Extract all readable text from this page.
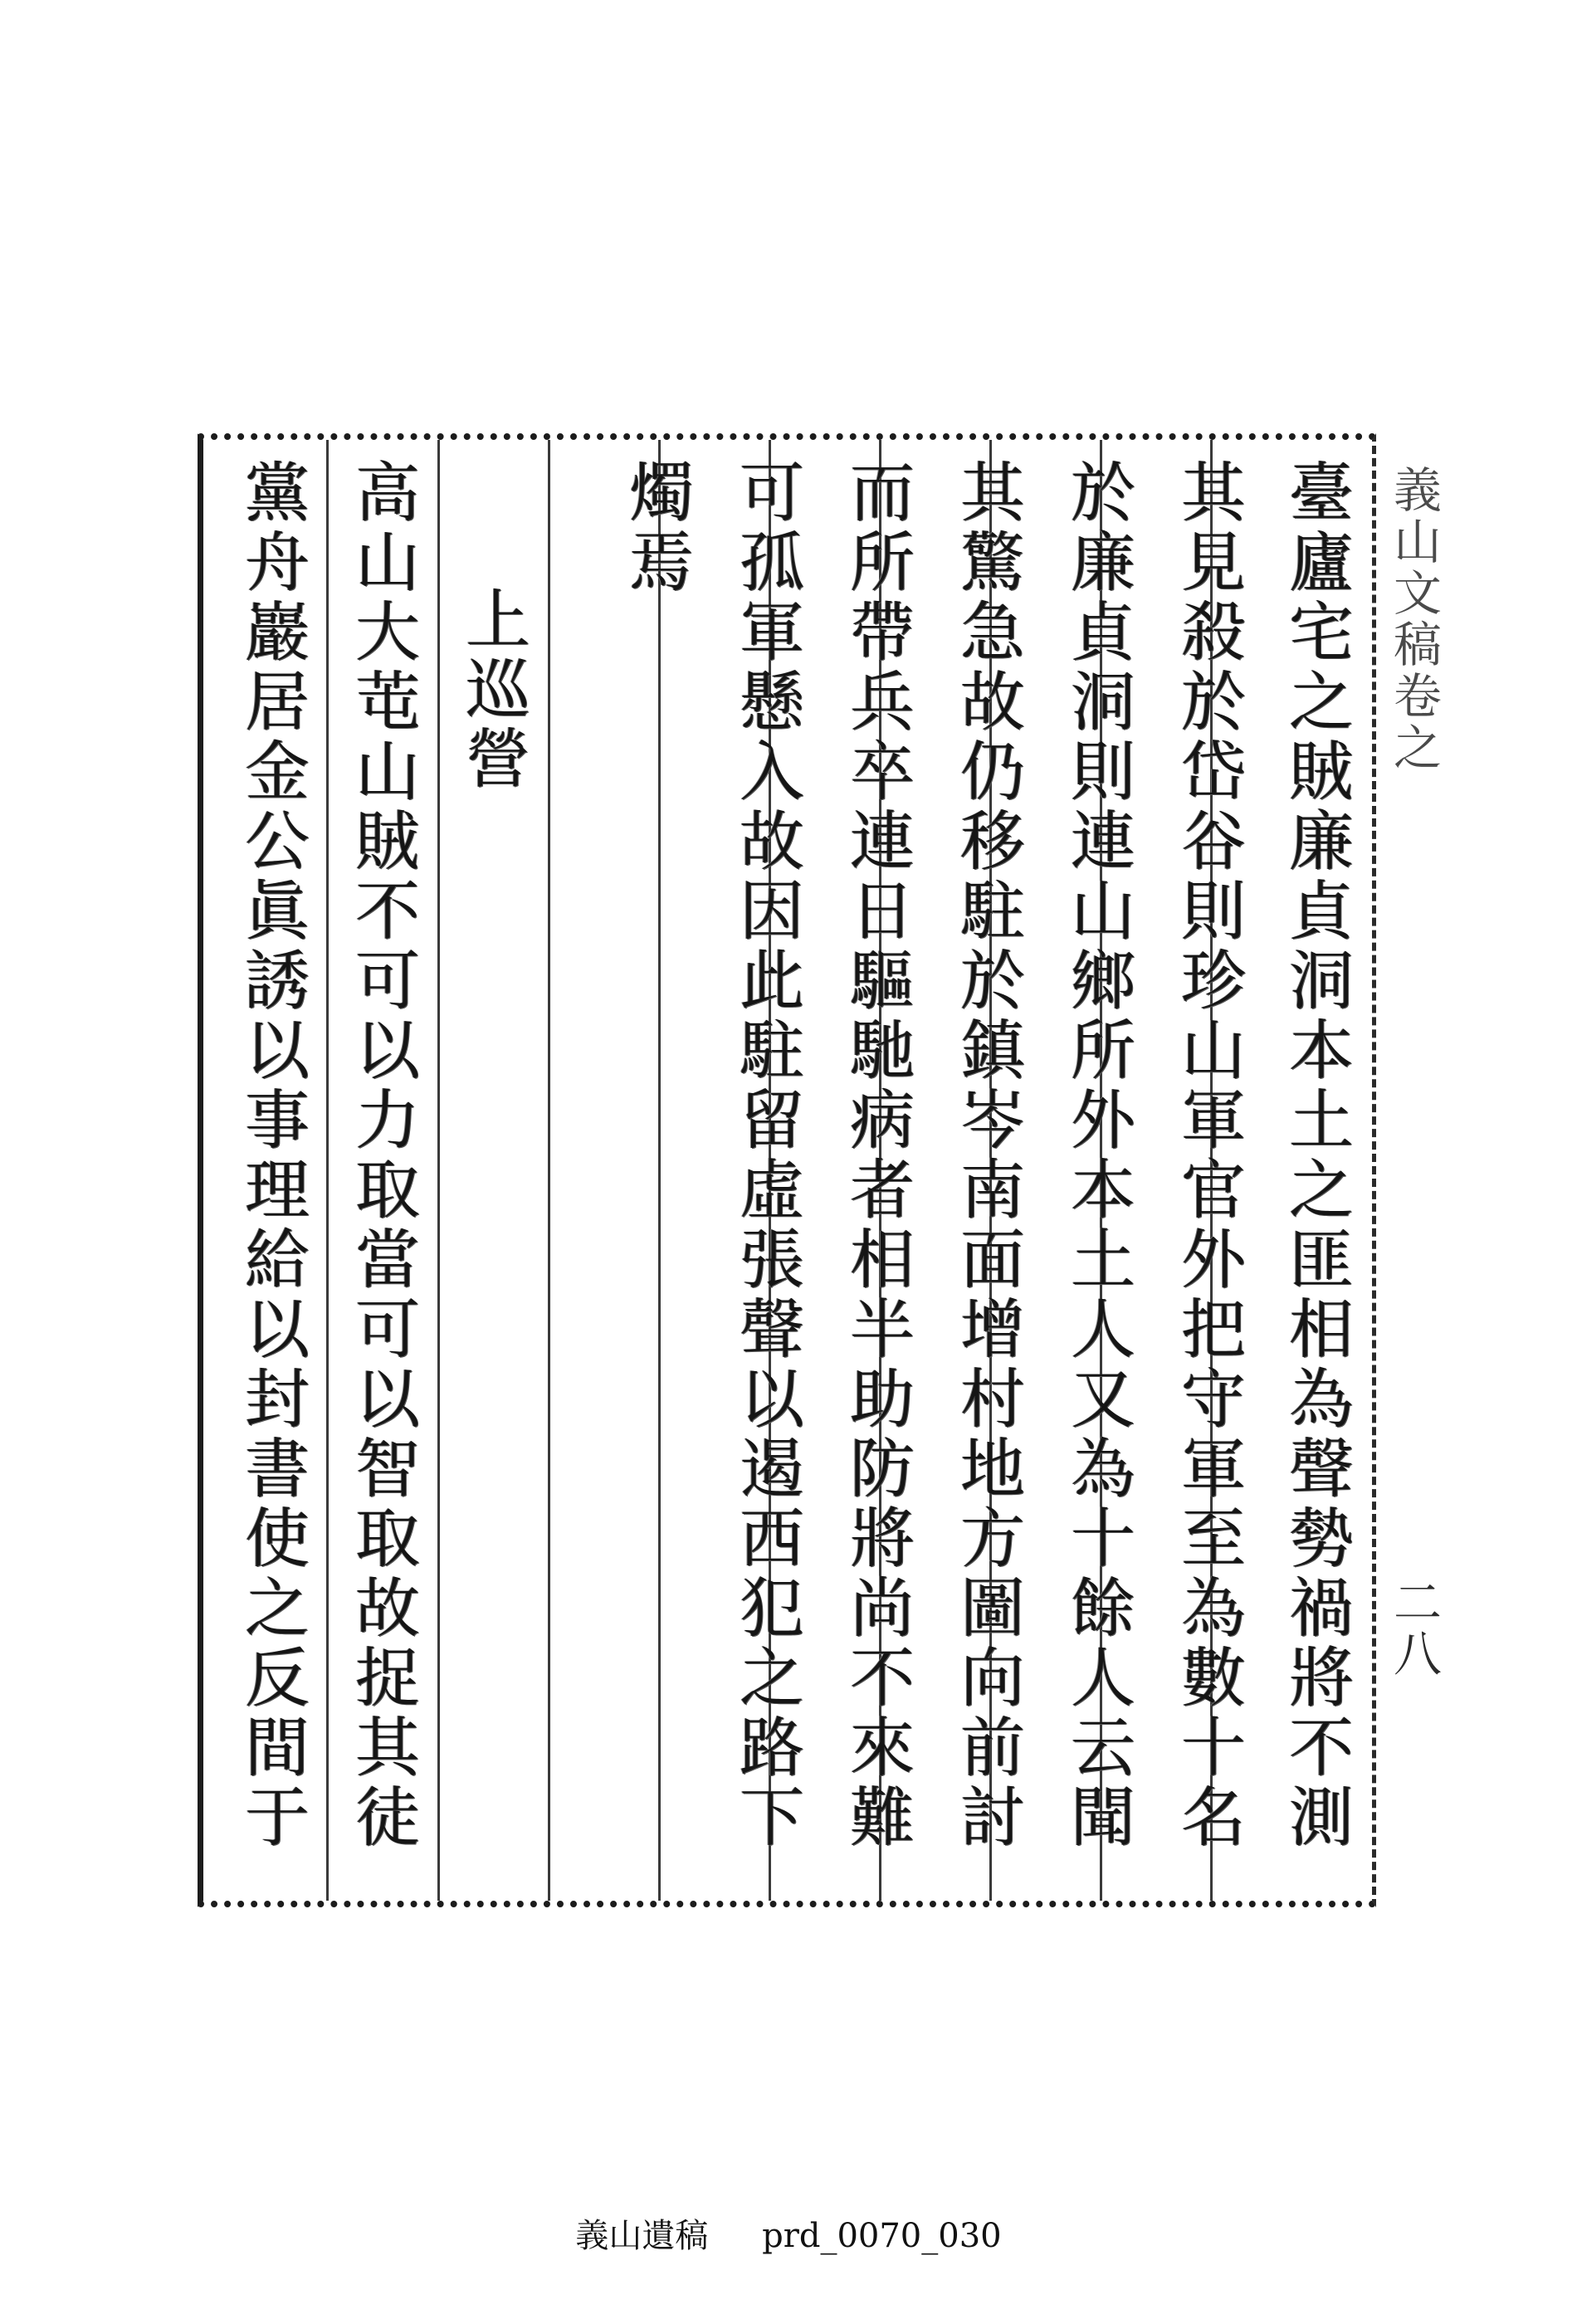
義山文稿卷之
二八
臺廬宅之賊廉貞洞本土之匪相為聲勢禍將不測
其見殺於岱谷則珍山軍官外把守軍至為數十名
於廉貞洞則連山鄉所外本土人又為十餘人云聞
其驚急故仍移駐於鎮岑南面增村地方圖向前討
而所帶兵卒連日驅馳病者相半助防將尚不來難
可孤軍懸入故因此駐留虛張聲以遏西犯之路下
燭焉
上巡營
高山大芚山賊不可以力取當可以智取故捉其徒
黨舟巖居金公眞誘以事理給以封書使之反間于
義山遺稿 prd_0070_030
